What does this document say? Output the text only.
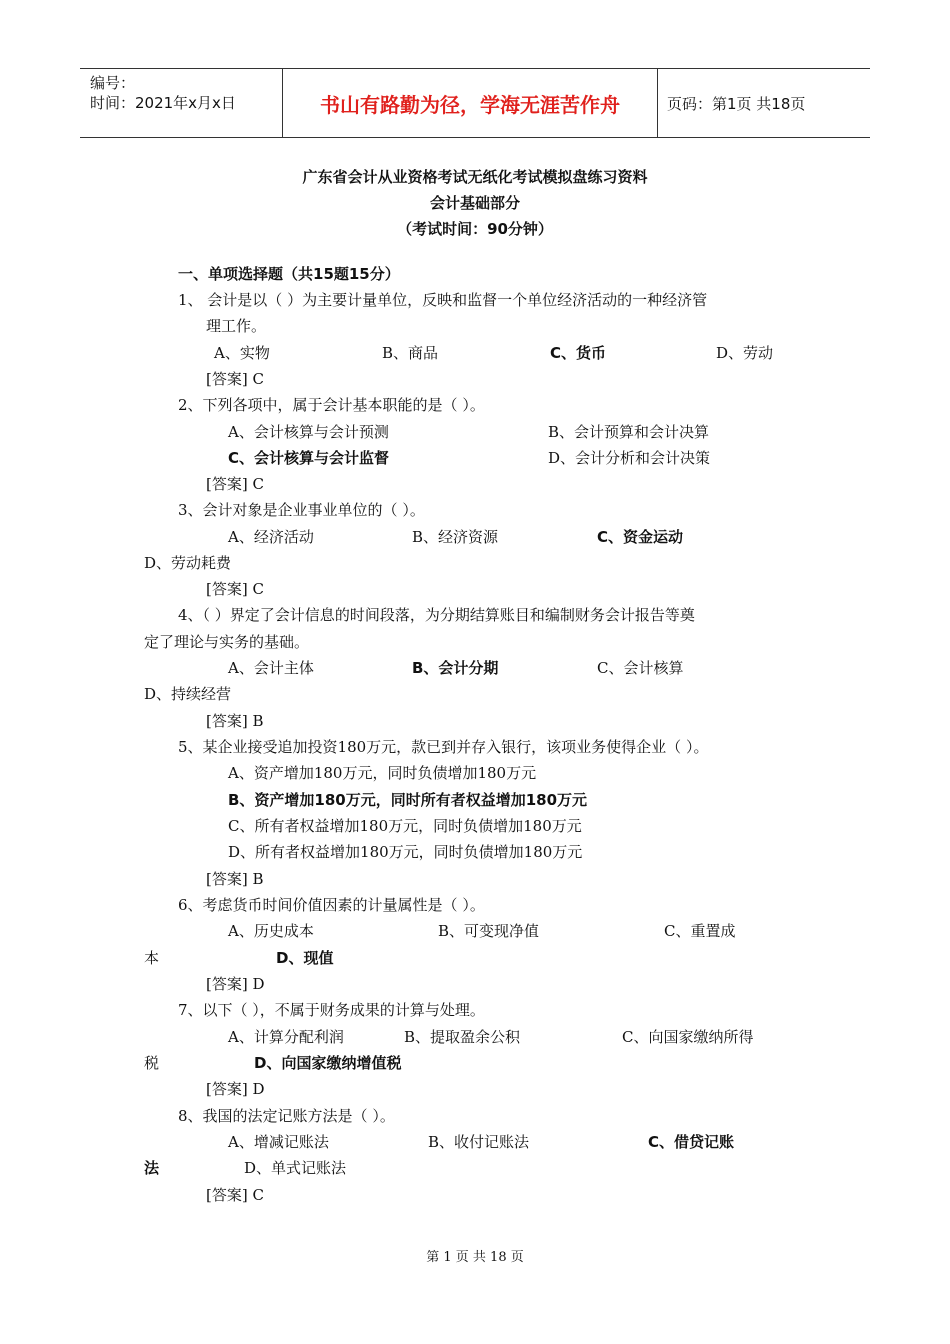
编号：
时间：2021年x月x日	书山有路勤为径，学海无涯苦作舟	页码：第1页 共18页
广东省会计从业资格考试无纸化考试模拟盘练习资料
会计基础部分
（考试时间：90分钟）
一、单项选择题（共15题15分）
1、 会计是以（ ）为主要计量单位，反映和监督一个单位经济活动的一种经济管
理工作。
A、实物	B、商品	C、货币	D、劳动
[答案] C
2、下列各项中，属于会计基本职能的是（ ）。
A、会计核算与会计预测	B、会计预算和会计决算
C、会计核算与会计监督	D、会计分析和会计决策
[答案] C
3、会计对象是企业事业单位的（ ）。
A、经济活动	B、经济资源	C、资金运动
D、劳动耗费
[答案] C
4、（ ）界定了会计信息的时间段落，为分期结算账目和编制财务会计报告等奠
定了理论与实务的基础。
A、会计主体	B、会计分期	C、会计核算
D、持续经营
[答案] B
5、某企业接受追加投资180万元，款已到并存入银行，该项业务使得企业（ ）。
A、资产增加180万元，同时负债增加180万元
B、资产增加180万元，同时所有者权益增加180万元
C、所有者权益增加180万元，同时负债增加180万元
D、所有者权益增加180万元，同时负债增加180万元
[答案] B
6、考虑货币时间价值因素的计量属性是（ ）。
A、历史成本	B、可变现净值	C、重置成
本	D、现值
[答案] D
7、以下（ ），不属于财务成果的计算与处理。
A、计算分配利润	B、提取盈余公积	C、向国家缴纳所得
税	D、向国家缴纳增值税
[答案] D
8、我国的法定记账方法是（ ）。
A、增减记账法	B、收付记账法	C、借贷记账
法	D、单式记账法
[答案] C
第 1 页 共 18 页
